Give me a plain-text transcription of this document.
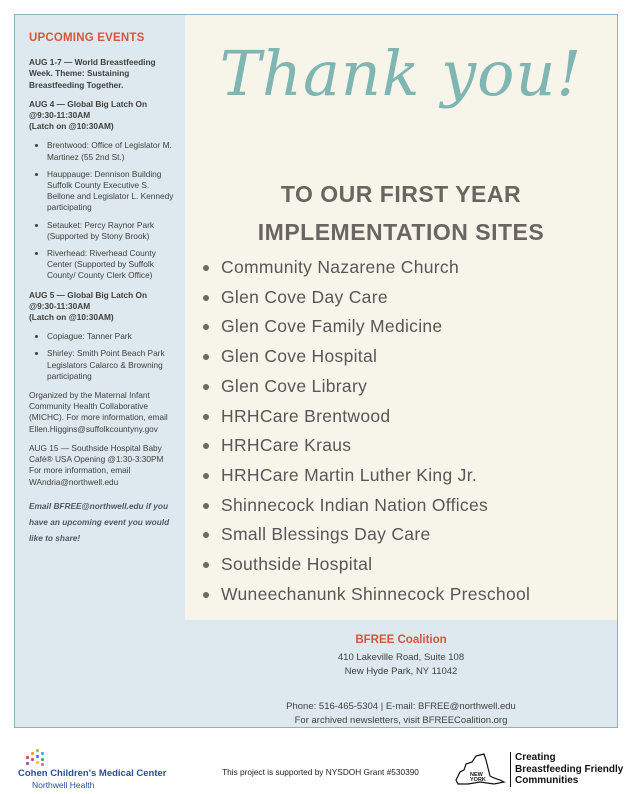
UPCOMING EVENTS

AUG 1-7 — World Breastfeeding Week. Theme: Sustaining Breastfeeding Together.

AUG 4 — Global Big Latch On @9:30-11:30AM

(Latch on @10:30AM)

• Brentwood: Office of Legislator M. Martinez (55 2nd St.)
• Hauppauge: Dennison Building Suffolk County Executive S. Bellone and Legislator L. Kennedy participating
• Setauket: Percy Raynor Park (Supported by Stony Brook)
• Riverhead: Riverhead County Center (Supported by Suffolk County/ County Clerk Office)

AUG 5 — Global Big Latch On @9:30-11:30AM

(Latch on @10:30AM)

• Copiague: Tanner Park
• Shirley: Smith Point Beach Park Legislators Calarco & Browning participating

Organized by the Maternal Infant Community Health Collaborative (MICHC). For more information, email Ellen.Higgins@suffolkcountyny.gov

AUG 15 — Southside Hospital Baby Café® USA Opening @1:30-3:30PM For more information, email WAndria@northwell.edu

Email BFREE@northwell.edu if you have an upcoming event you would like to share!

Thank you!
TO OUR FIRST YEAR
IMPLEMENTATION SITES
Community Nazarene Church
Glen Cove Day Care
Glen Cove Family Medicine
Glen Cove Hospital
Glen Cove Library
HRHCare Brentwood
HRHCare Kraus
HRHCare Martin Luther King Jr.
Shinnecock Indian Nation Offices
Small Blessings Day Care
Southside Hospital
Wuneechanunk Shinnecock Preschool
BFREE Coalition
410 Lakeville Road, Suite 108
New Hyde Park, NY 11042
Phone: 516-465-5304 | E-mail: BFREE@northwell.edu
For archived newsletters, visit BFREECoalition.org
Cohen Children's Medical Center
Northwell Health
This project is supported by NYSDOH Grant #530390	NEW
YORK
Creating
Breastfeeding Friendly
Communities
